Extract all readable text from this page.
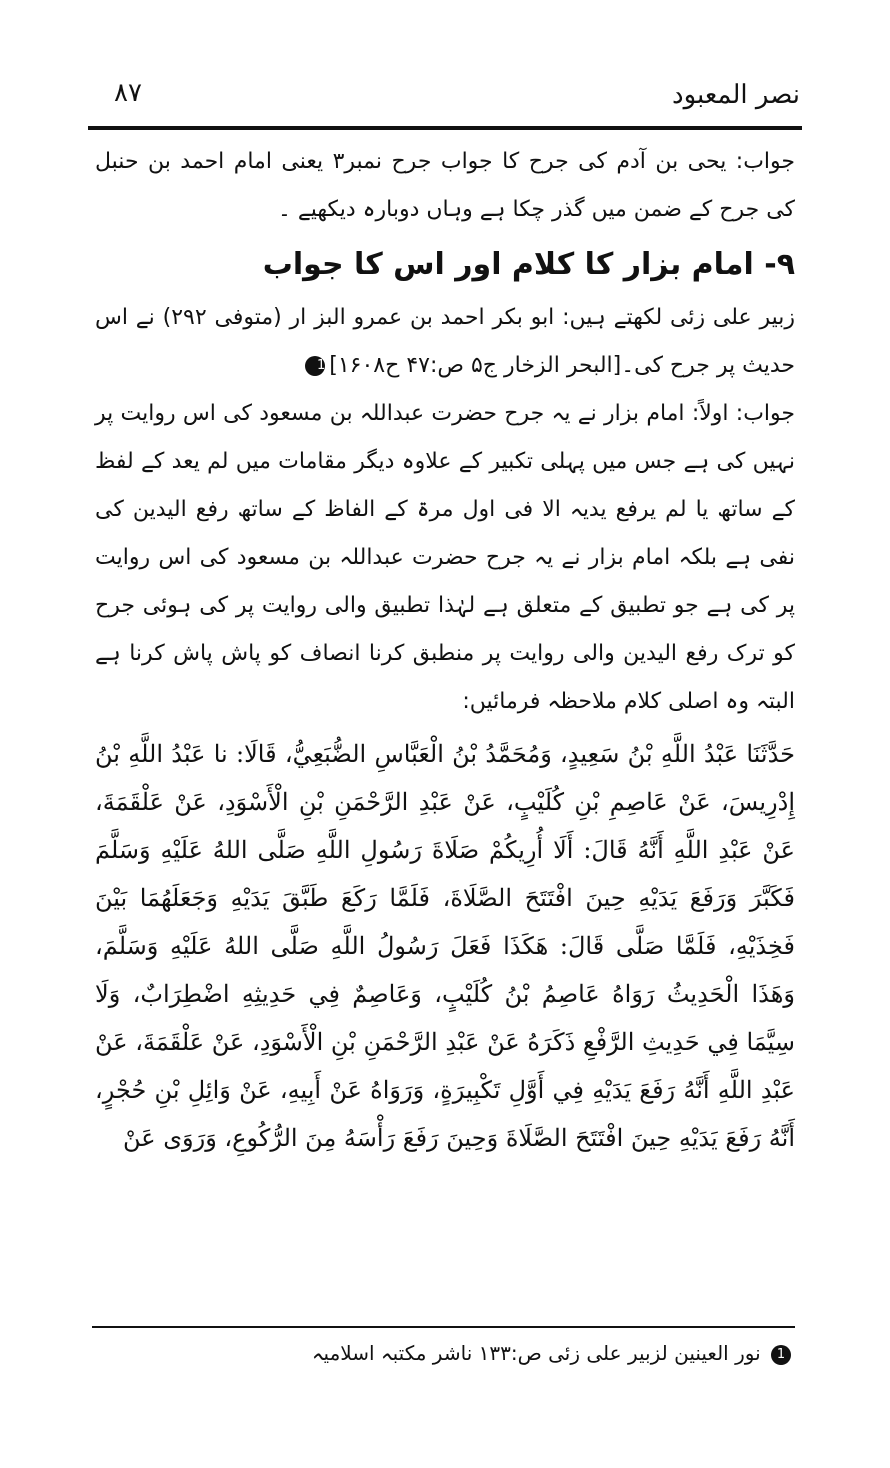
نصر المعبود
۸۷

جواب: یحی بن آدم کی جرح کا جواب جرح نمبر۳ یعنی امام احمد بن حنبل کی جرح کے ضمن میں گذر چکا ہے وہاں دوبارہ دیکھیے ۔

۹- امام بزار کا کلام اور اس کا جواب

زبیر علی زئی لکھتے ہیں: ابو بکر احمد بن عمرو البز ار (متوفی ۲۹۲) نے اس حدیث پر جرح کی۔[البحر الزخار ج۵ ص:۴۷ ح۱۶۰۸]1

جواب: اولاً: امام بزار نے یہ جرح حضرت عبداللہ بن مسعود کی اس روایت پر نہیں کی ہے جس میں پہلی تکبیر کے علاوہ دیگر مقامات میں لم یعد کے لفظ کے ساتھ یا لم یرفع یدیہ الا فی اول مرۃ کے الفاظ کے ساتھ رفع الیدین کی نفی ہے بلکہ امام بزار نے یہ جرح حضرت عبداللہ بن مسعود کی اس روایت پر کی ہے جو تطبیق کے متعلق ہے لہٰذا تطبیق والی روایت پر کی ہوئی جرح کو ترک رفع الیدین والی روایت پر منطبق کرنا انصاف کو پاش پاش کرنا ہے البتہ وہ اصلی کلام ملاحظہ فرمائیں:

حَدَّثَنَا عَبْدُ اللَّهِ بْنُ سَعِيدٍ، وَمُحَمَّدُ بْنُ الْعَبَّاسِ الضُّبَعِيُّ، قَالَا: نا عَبْدُ اللَّهِ بْنُ إِدْرِيسَ، عَنْ عَاصِمِ بْنِ كُلَيْبٍ، عَنْ عَبْدِ الرَّحْمَنِ بْنِ الْأَسْوَدِ، عَنْ عَلْقَمَةَ، عَنْ عَبْدِ اللَّهِ أَنَّهُ قَالَ: أَلَا أُرِيكُمْ صَلَاةَ رَسُولِ اللَّهِ صَلَّى اللهُ عَلَيْهِ وَسَلَّمَ فَكَبَّرَ وَرَفَعَ يَدَيْهِ حِينَ افْتَتَحَ الصَّلَاةَ، فَلَمَّا رَكَعَ طَبَّقَ يَدَيْهِ وَجَعَلَهُمَا بَيْنَ فَخِذَيْهِ، فَلَمَّا صَلَّى قَالَ: هَكَذَا فَعَلَ رَسُولُ اللَّهِ صَلَّى اللهُ عَلَيْهِ وَسَلَّمَ، وَهَذَا الْحَدِيثُ رَوَاهُ عَاصِمُ بْنُ كُلَيْبٍ، وَعَاصِمٌ فِي حَدِيثِهِ اضْطِرَابٌ، وَلَا سِيَّمَا فِي حَدِيثِ الرَّفْعِ ذَكَرَهُ عَنْ عَبْدِ الرَّحْمَنِ بْنِ الْأَسْوَدِ، عَنْ عَلْقَمَةَ، عَنْ عَبْدِ اللَّهِ أَنَّهُ رَفَعَ يَدَيْهِ فِي أَوَّلِ تَكْبِيرَةٍ، وَرَوَاهُ عَنْ أَبِيهِ، عَنْ وَائِلِ بْنِ حُجْرٍ، أَنَّهُ رَفَعَ يَدَيْهِ حِينَ افْتَتَحَ الصَّلَاةَ وَحِينَ رَفَعَ رَأْسَهُ مِنَ الرُّكُوعِ، وَرَوَى عَنْ

1 نور العینین لزبیر علی زئی ص:۱۳۳ ناشر مکتبہ اسلامیہ
